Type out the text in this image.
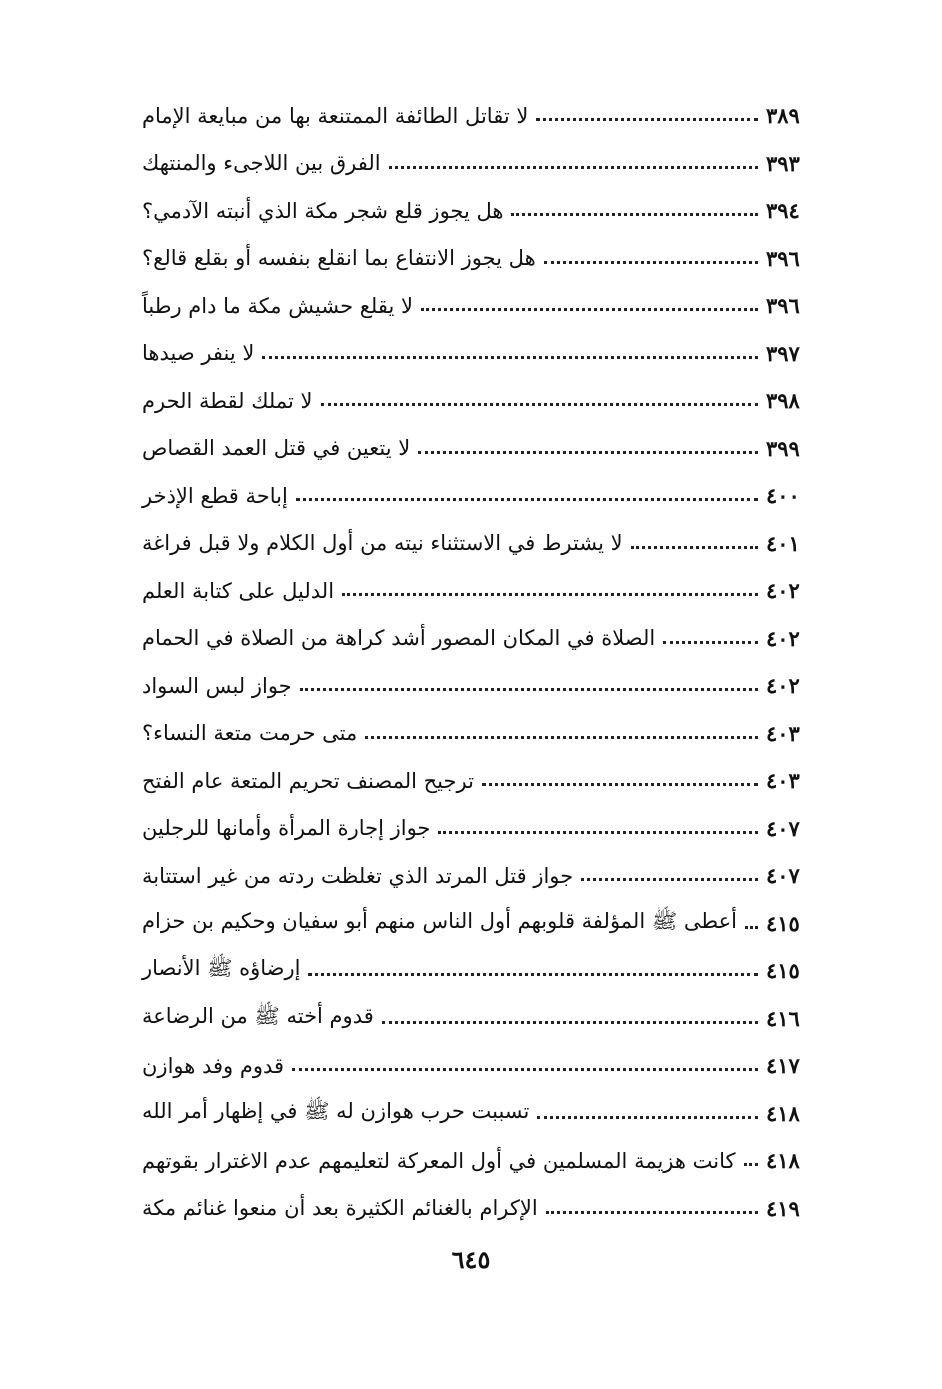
لا تقاتل الطائفة الممتنعة بها من مبايعة الإمام	٣٨٩
الفرق بين اللاجىء والمنتهك	٣٩٣
هل يجوز قلع شجر مكة الذي أنبته الآدمي؟	٣٩٤
هل يجوز الانتفاع بما انقلع بنفسه أو بقلع قالع؟	٣٩٦
لا يقلع حشيش مكة ما دام رطباً	٣٩٦
لا ينفر صيدها	٣٩٧
لا تملك لقطة الحرم	٣٩٨
لا يتعين في قتل العمد القصاص	٣٩٩
إباحة قطع الإذخر	٤٠٠
لا يشترط في الاستثناء نيته من أول الكلام ولا قبل فراغة	٤٠١
الدليل على كتابة العلم	٤٠٢
الصلاة في المكان المصور أشد كراهة من الصلاة في الحمام	٤٠٢
جواز لبس السواد	٤٠٢
متى حرمت متعة النساء؟	٤٠٣
ترجيح المصنف تحريم المتعة عام الفتح	٤٠٣
جواز إجارة المرأة وأمانها للرجلين	٤٠٧
جواز قتل المرتد الذي تغلظت ردته من غير استتابة	٤٠٧
أعطى ﷺ المؤلفة قلوبهم أول الناس منهم أبو سفيان وحكيم بن حزام ٤١٥
إرضاؤه ﷺ الأنصار	٤١٥
قدوم أخته ﷺ من الرضاعة	٤١٦
قدوم وفد هوازن	٤١٧
تسببت حرب هوازن له ﷺ في إظهار أمر الله	٤١٨
كانت هزيمة المسلمين في أول المعركة لتعليمهم عدم الاغترار بقوتهم ٤١٨
الإكرام بالغنائم الكثيرة بعد أن منعوا غنائم مكة	٤١٩
٦٤٥
